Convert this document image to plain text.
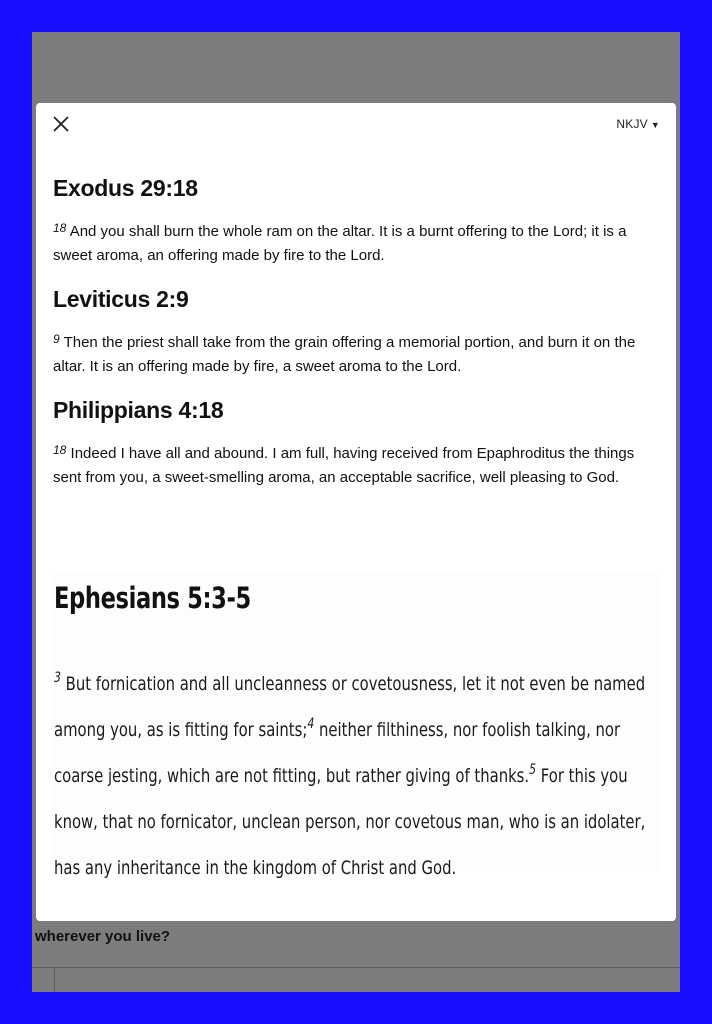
wherever you live?
NKJV ▼
Exodus 29:18

$^{18}$ And you shall burn the whole ram on the altar. It is a burnt offering to the Lord; it is a sweet aroma, an offering made by fire to the Lord.

Leviticus 2:9

$^9$ Then the priest shall take from the grain offering a memorial portion, and burn it on the altar. It is an offering made by fire, a sweet aroma to the Lord.

Philippians 4:18

$^{18}$ Indeed I have all and abound. I am full, having received from Epaphroditus the things sent from you, a sweet-smelling aroma, an acceptable sacrifice, well pleasing to God.

Ephesians 5:3-5

$^3$ But fornication and all uncleanness or covetousness, let it not even be named among you, as is fitting for saints;$^4$ neither filthiness, nor foolish talking, nor coarse jesting, which are not fitting, but rather giving of thanks.$^5$ For this you know, that no fornicator, unclean person, nor covetous man, who is an idolater, has any inheritance in the kingdom of Christ and God.
